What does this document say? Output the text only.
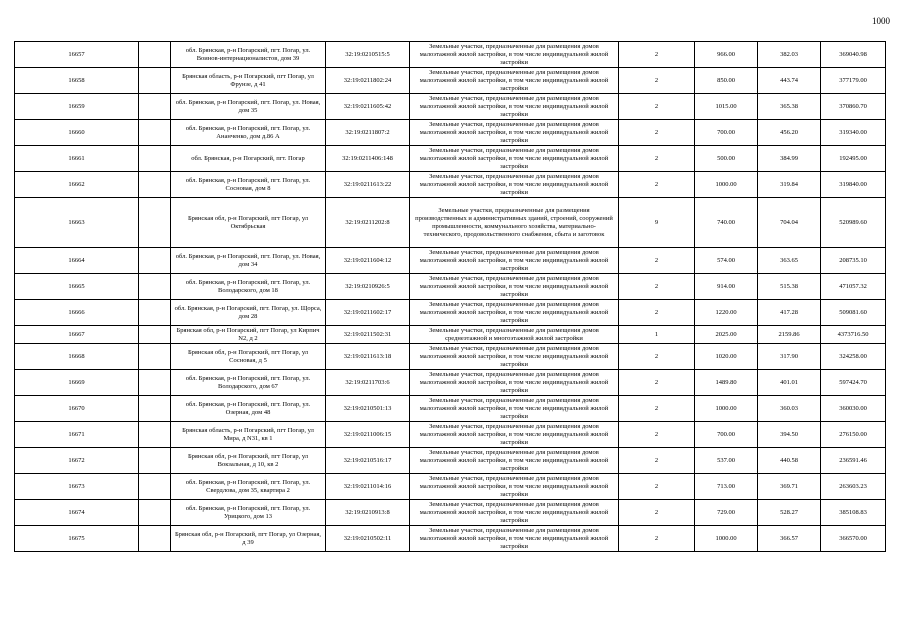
1000
16657		обл. Брянская, р-н Погарский, пгт. Погар, ул. Воинов-интернационалистов, дом 39	32:19:0210515:5	Земельные участки, предназначенные для размещения домов малоэтажной жилой застройки, в том числе индивидуальной жилой застройки	2	966.00	382.03	369040.98
16658		Брянская область, р-н Погарский, пгт Погар, ул Фрунзе, д 41	32:19:0211802:24	Земельные участки, предназначенные для размещения домов малоэтажной жилой застройки, в том числе индивидуальной жилой застройки	2	850.00	443.74	377179.00
16659		обл. Брянская, р-н Погарский, пгт. Погар, ул. Новая, дом 35	32:19:0211605:42	Земельные участки, предназначенные для размещения домов малоэтажной жилой застройки, в том числе индивидуальной жилой застройки	2	1015.00	365.38	370860.70
16660		обл. Брянская, р-н Погарский, пгт. Погар, ул. Ананченко, дом д.86 А	32:19:0211807:2	Земельные участки, предназначенные для размещения домов малоэтажной жилой застройки, в том числе индивидуальной жилой застройки	2	700.00	456.20	319340.00
16661		обл. Брянская, р-н Погарский, пгт. Погар	32:19:0211406:148	Земельные участки, предназначенные для размещения домов малоэтажной жилой застройки, в том числе индивидуальной жилой застройки	2	500.00	384.99	192495.00
16662		обл. Брянская, р-н Погарский, пгт. Погар, ул. Сосновая, дом 8	32:19:0211613:22	Земельные участки, предназначенные для размещения домов малоэтажной жилой застройки, в том числе индивидуальной жилой застройки	2	1000.00	319.84	319840.00
16663		Брянская обл, р-н Погарский, пгт Погар, ул Октябрьская	32:19:0211202:8	Земельные участки, предназначенные для размещения производственных и административных зданий, строений, сооружений промышленности, коммунального хозяйства, материально-технического, продовольственного снабжения, сбыта и заготовок	9	740.00	704.04	520989.60
16664		обл. Брянская, р-н Погарский, пгт. Погар, ул. Новая, дом 34	32:19:0211604:12	Земельные участки, предназначенные для размещения домов малоэтажной жилой застройки, в том числе индивидуальной жилой застройки	2	574.00	363.65	208735.10
16665		обл. Брянская, р-н Погарский, пгт. Погар, ул. Володарского, дом 18	32:19:0210926:5	Земельные участки, предназначенные для размещения домов малоэтажной жилой застройки, в том числе индивидуальной жилой застройки	2	914.00	515.38	471057.32
16666		обл. Брянская, р-н Погарский, пгт. Погар, ул. Щорса, дом 28	32:19:0211602:17	Земельные участки, предназначенные для размещения домов малоэтажной жилой застройки, в том числе индивидуальной жилой застройки	2	1220.00	417.28	509081.60
16667		Брянская обл, р-н Погарский, пгт Погар, ул Кирпич N2, д 2	32:19:0211502:31	Земельные участки, предназначенные для размещения домов среднеэтажной и многоэтажной жилой застройки	1	2025.00	2159.86	4373716.50
16668		Брянская обл, р-н Погарский, пгт Погар, ул Сосновая, д 5	32:19:0211613:18	Земельные участки, предназначенные для размещения домов малоэтажной жилой застройки, в том числе индивидуальной жилой застройки	2	1020.00	317.90	324258.00
16669		обл. Брянская, р-н Погарский, пгт. Погар, ул. Володарского, дом 67	32:19:0211703:6	Земельные участки, предназначенные для размещения домов малоэтажной жилой застройки, в том числе индивидуальной жилой застройки	2	1489.80	401.01	597424.70
16670		обл. Брянская, р-н Погарский, пгт. Погар, ул. Озерная, дом 48	32:19:0210501:13	Земельные участки, предназначенные для размещения домов малоэтажной жилой застройки, в том числе индивидуальной жилой застройки	2	1000.00	360.03	360030.00
16671		Брянская область, р-н Погарский, пгт Погар, ул Мира, д N31, кв 1	32:19:0211006:15	Земельные участки, предназначенные для размещения домов малоэтажной жилой застройки, в том числе индивидуальной жилой застройки	2	700.00	394.50	276150.00
16672		Брянская обл, р-н Погарский, пгт Погар, ул Вокзальная, д 10, кв 2	32:19:0210516:17	Земельные участки, предназначенные для размещения домов малоэтажной жилой застройки, в том числе индивидуальной жилой застройки	2	537.00	440.58	236591.46
16673		обл. Брянская, р-н Погарский, пгт. Погар, ул. Свердлова, дом 35, квартира 2	32:19:0211014:16	Земельные участки, предназначенные для размещения домов малоэтажной жилой застройки, в том числе индивидуальной жилой застройки	2	713.00	369.71	263603.23
16674		обл. Брянская, р-н Погарский, пгт. Погар, ул. Урицкого, дом 13	32:19:0210913:8	Земельные участки, предназначенные для размещения домов малоэтажной жилой застройки, в том числе индивидуальной жилой застройки	2	729.00	528.27	385108.83
16675		Брянская обл, р-н Погарский, пгт Погар, ул Озерная, д 39	32:19:0210502:11	Земельные участки, предназначенные для размещения домов малоэтажной жилой застройки, в том числе индивидуальной жилой застройки	2	1000.00	366.57	366570.00
